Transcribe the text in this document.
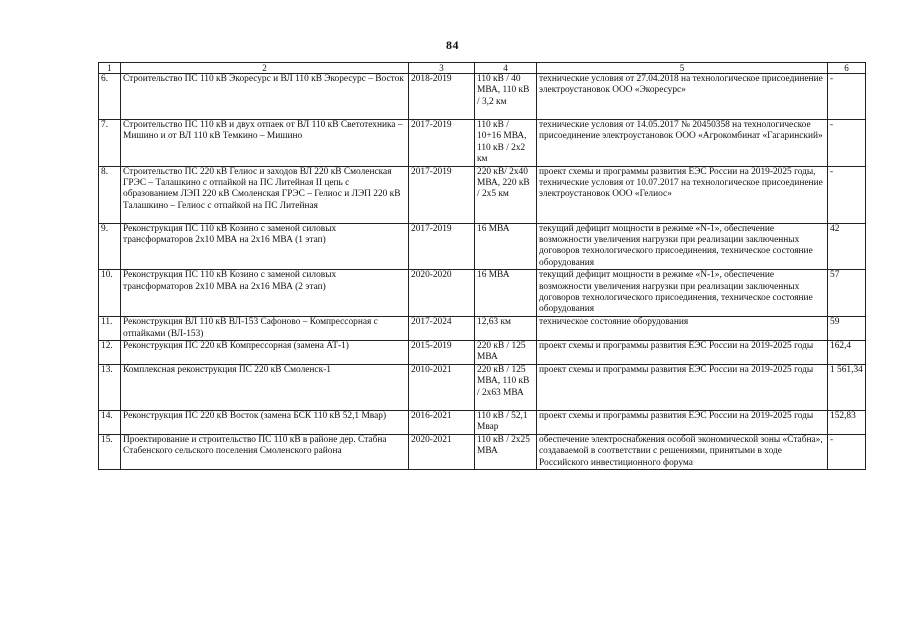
84
1	2	3	4	5	6
6.	Строительство ПС 110 кВ Экоресурс и ВЛ 110 кВ Экоресурс – Восток	2018-2019	110 кВ / 40 МВА, 110 кВ / 3,2 км	технические условия от 27.04.2018 на технологическое присоединение электроустановок ООО «Экоресурс»	-
7.	Строительство ПС 110 кВ и двух отпаек от ВЛ 110 кВ Светотехника – Мишино и от ВЛ 110 кВ Темкино – Мишино	2017-2019	110 кВ / 10+16 МВА, 110 кВ / 2x2 км	технические условия от 14.05.2017 № 20450358 на технологическое присоединение электроустановок ООО «Агрокомбинат «Гагаринский»	-
8.	Строительство ПС 220 кВ Гелиос и заходов ВЛ 220 кВ Смоленская ГРЭС – Талашкино с отпайкой на ПС Литейная II цепь с образованием ЛЭП 220 кВ Смоленская ГРЭС – Гелиос и ЛЭП 220 кВ Талашкино – Гелиос с отпайкой на ПС Литейная	2017-2019	220 кВ/ 2x40 МВА, 220 кВ / 2x5 км	проект схемы и программы развития ЕЭС России на 2019-2025 годы, технические условия от 10.07.2017 на технологическое присоединение электроустановок ООО «Гелиос»	-
9.	Реконструкция ПС 110 кВ Козино с заменой силовых трансформаторов 2x10 МВА на 2x16 МВА (1 этап)	2017-2019	16 МВА	текущий дефицит мощности в режиме «N-1», обеспечение возможности увеличения нагрузки при реализации заключенных договоров технологического присоединения, техническое состояние оборудования	42
10.	Реконструкция ПС 110 кВ Козино с заменой силовых трансформаторов 2x10 МВА на 2x16 МВА (2 этап)	2020-2020	16 МВА	текущий дефицит мощности в режиме «N-1», обеспечение возможности увеличения нагрузки при реализации заключенных договоров технологического присоединения, техническое состояние оборудования	57
11.	Реконструкция ВЛ 110 кВ ВЛ-153 Сафоново – Компрессорная с отпайками (ВЛ-153)	2017-2024	12,63 км	техническое состояние оборудования	59
12.	Реконструкция ПС 220 кВ Компрессорная (замена АТ-1)	2015-2019	220 кВ / 125 МВА	проект схемы и программы развития ЕЭС России на 2019-2025 годы	162,4
13.	Комплексная реконструкция ПС 220 кВ Смоленск-1	2010-2021	220 кВ / 125 МВА, 110 кВ / 2x63 МВА	проект схемы и программы развития ЕЭС России на 2019-2025 годы	1 561,34
14.	Реконструкция ПС 220 кВ Восток (замена БСК 110 кВ 52,1 Мвар)	2016-2021	110 кВ / 52,1 Мвар	проект схемы и программы развития ЕЭС России на 2019-2025 годы	152,83
15.	Проектирование и строительство ПС 110 кВ в районе дер. Стабна Стабенского сельского поселения Смоленского района	2020-2021	110 кВ / 2x25 МВА	обеспечение электроснабжения особой экономической зоны «Стабна», создаваемой в соответствии с решениями, принятыми в ходе Российского инвестиционного форума	-
